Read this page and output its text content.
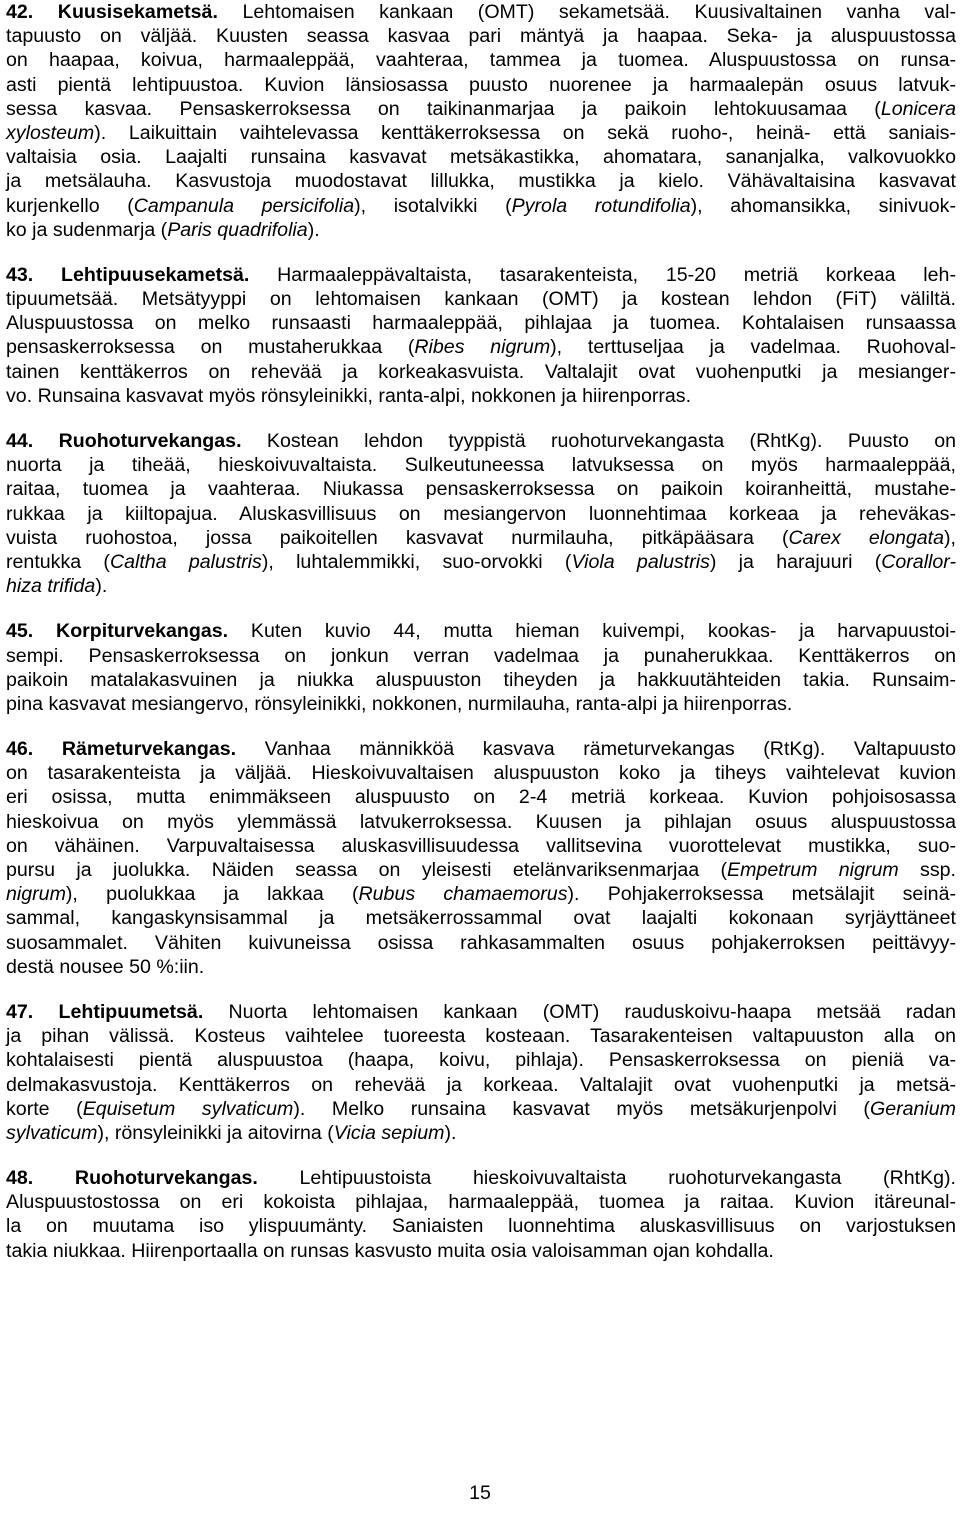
42. Kuusisekametsä. Lehtomaisen kankaan (OMT) sekametsää. Kuusivaltainen vanha val-
tapuusto on väljää. Kuusten seassa kasvaa pari mäntyä ja haapaa. Seka- ja aluspuustossa
on haapaa, koivua, harmaaleppää, vaahteraa, tammea ja tuomea. Aluspuustossa on runsa-
asti pientä lehtipuustoa. Kuvion länsiosassa puusto nuorenee ja harmaalepän osuus latvuk-
sessa kasvaa. Pensaskerroksessa on taikinanmarjaa ja paikoin lehtokuusamaa (Lonicera
xylosteum). Laikuittain vaihtelevassa kenttäkerroksessa on sekä ruoho-, heinä- että saniais-
valtaisia osia. Laajalti runsaina kasvavat metsäkastikka, ahomatara, sananjalka, valkovuokko
ja metsälauha. Kasvustoja muodostavat lillukka, mustikka ja kielo. Vähävaltaisina kasvavat
kurjenkello (Campanula persicifolia), isotalvikki (Pyrola rotundifolia), ahomansikka, sinivuok-
ko ja sudenmarja (Paris quadrifolia).
43. Lehtipuusekametsä. Harmaaleppävaltaista, tasarakenteista, 15-20 metriä korkeaa leh-
tipuumetsää. Metsätyyppi on lehtomaisen kankaan (OMT) ja kostean lehdon (FiT) väliltä.
Aluspuustossa on melko runsaasti harmaaleppää, pihlajaa ja tuomea. Kohtalaisen runsaassa
pensaskerroksessa on mustaherukkaa (Ribes nigrum), terttuseljaa ja vadelmaa. Ruohoval-
tainen kenttäkerros on rehevää ja korkeakasvuista. Valtalajit ovat vuohenputki ja mesianger-
vo. Runsaina kasvavat myös rönsyleinikki, ranta-alpi, nokkonen ja hiirenporras.
44. Ruohoturvekangas. Kostean lehdon tyyppistä ruohoturvekangasta (RhtKg). Puusto on
nuorta ja tiheää, hieskoivuvaltaista. Sulkeutuneessa latvuksessa on myös harmaaleppää,
raitaa, tuomea ja vaahteraa. Niukassa pensaskerroksessa on paikoin koiranheittä, mustahe-
rukkaa ja kiiltopajua. Aluskasvillisuus on mesiangervon luonnehtimaa korkeaa ja reheväkas-
vuista ruohostoa, jossa paikoitellen kasvavat nurmilauha, pitkäpääsara (Carex elongata),
rentukka (Caltha palustris), luhtalemmikki, suo-orvokki (Viola palustris) ja harajuuri (Corallor-
hiza trifida).
45. Korpiturvekangas. Kuten kuvio 44, mutta hieman kuivempi, kookas- ja harvapuustoi-
sempi. Pensaskerroksessa on jonkun verran vadelmaa ja punaherukkaa. Kenttäkerros on
paikoin matalakasvuinen ja niukka aluspuuston tiheyden ja hakkuutähteiden takia. Runsaim-
pina kasvavat mesiangervo, rönsyleinikki, nokkonen, nurmilauha, ranta-alpi ja hiirenporras.
46. Rämeturvekangas. Vanhaa männikköä kasvava rämeturvekangas (RtKg). Valtapuusto
on tasarakenteista ja väljää. Hieskoivuvaltaisen aluspuuston koko ja tiheys vaihtelevat kuvion
eri osissa, mutta enimmäkseen aluspuusto on 2-4 metriä korkeaa. Kuvion pohjoisosassa
hieskoivua on myös ylemmässä latvukerroksessa. Kuusen ja pihlajan osuus aluspuustossa
on vähäinen. Varpuvaltaisessa aluskasvillisuudessa vallitsevina vuorottelevat mustikka, suo-
pursu ja juolukka. Näiden seassa on yleisesti etelänvariksenmarjaa (Empetrum nigrum ssp.
nigrum), puolukkaa ja lakkaa (Rubus chamaemorus). Pohjakerroksessa metsälajit seinä-
sammal, kangaskynsisammal ja metsäkerrossammal ovat laajalti kokonaan syrjäyttäneet
suosammalet. Vähiten kuivuneissa osissa rahkasammalten osuus pohjakerroksen peittävyy-
destä nousee 50 %:iin.
47. Lehtipuumetsä. Nuorta lehtomaisen kankaan (OMT) rauduskoivu-haapa metsää radan
ja pihan välissä. Kosteus vaihtelee tuoreesta kosteaan. Tasarakenteisen valtapuuston alla on
kohtalaisesti pientä aluspuustoa (haapa, koivu, pihlaja). Pensaskerroksessa on pieniä va-
delmakasvustoja. Kenttäkerros on rehevää ja korkeaa. Valtalajit ovat vuohenputki ja metsä-
korte (Equisetum sylvaticum). Melko runsaina kasvavat myös metsäkurjenpolvi (Geranium
sylvaticum), rönsyleinikki ja aitovirna (Vicia sepium).
48. Ruohoturvekangas. Lehtipuustoista hieskoivuvaltaista ruohoturvekangasta (RhtKg).
Aluspuustostossa on eri kokoista pihlajaa, harmaaleppää, tuomea ja raitaa. Kuvion itäreunal-
la on muutama iso ylispuumänty. Saniaisten luonnehtima aluskasvillisuus on varjostuksen
takia niukkaa. Hiirenportaalla on runsas kasvusto muita osia valoisamman ojan kohdalla.
15
